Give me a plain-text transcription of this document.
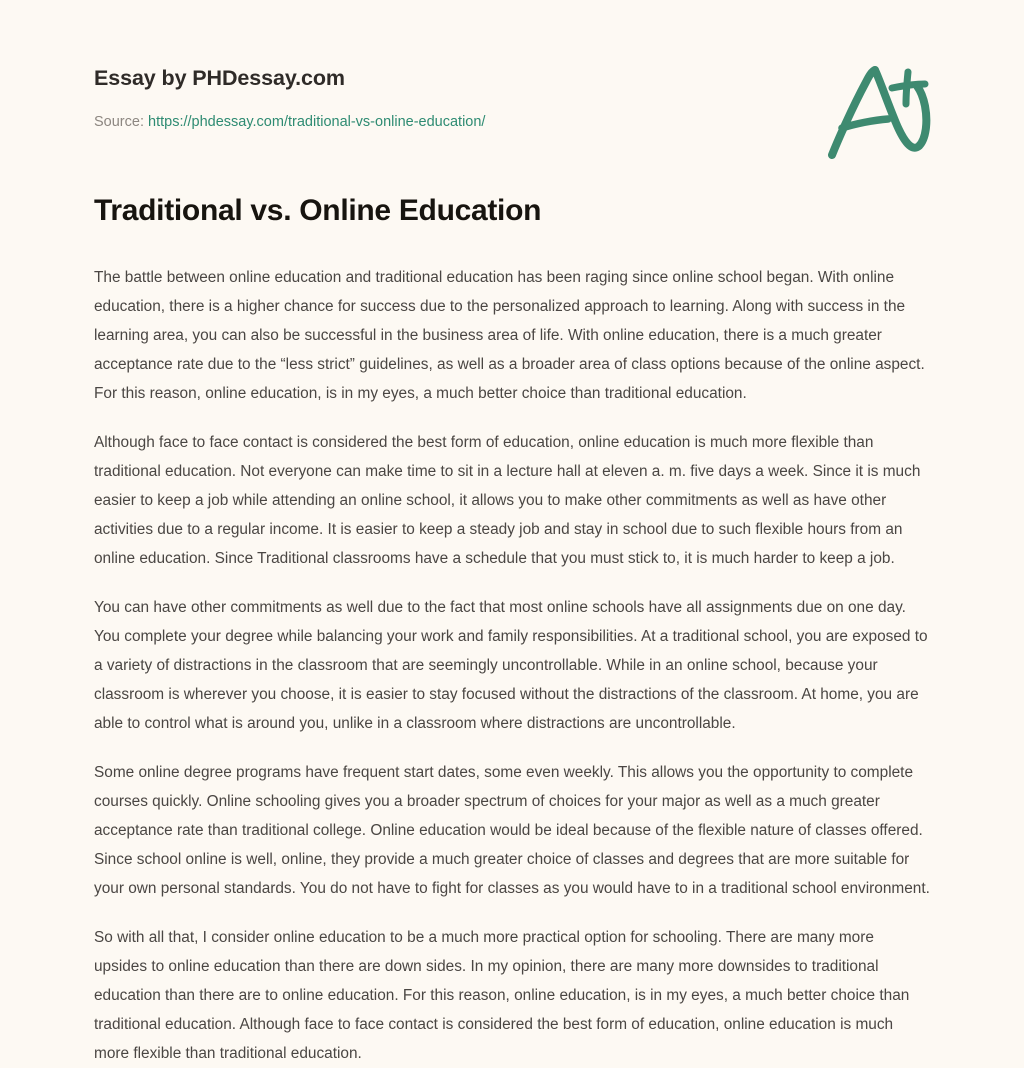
Essay by PHDessay.com
Source: https://phdessay.com/traditional-vs-online-education/
Traditional vs. Online Education

The battle between online education and traditional education has been raging since online school began. With online education, there is a higher chance for success due to the personalized approach to learning. Along with success in the learning area, you can also be successful in the business area of life. With online education, there is a much greater acceptance rate due to the “less strict” guidelines, as well as a broader area of class options because of the online aspect. For this reason, online education, is in my eyes, a much better choice than traditional education.

Although face to face contact is considered the best form of education, online education is much more flexible than traditional education. Not everyone can make time to sit in a lecture hall at eleven a. m. five days a week. Since it is much easier to keep a job while attending an online school, it allows you to make other commitments as well as have other activities due to a regular income. It is easier to keep a steady job and stay in school due to such flexible hours from an online education. Since Traditional classrooms have a schedule that you must stick to, it is much harder to keep a job.

You can have other commitments as well due to the fact that most online schools have all assignments due on one day. You complete your degree while balancing your work and family responsibilities. At a traditional school, you are exposed to a variety of distractions in the classroom that are seemingly uncontrollable. While in an online school, because your classroom is wherever you choose, it is easier to stay focused without the distractions of the classroom. At home, you are able to control what is around you, unlike in a classroom where distractions are uncontrollable.

Some online degree programs have frequent start dates, some even weekly. This allows you the opportunity to complete courses quickly. Online schooling gives you a broader spectrum of choices for your major as well as a much greater acceptance rate than traditional college. Online education would be ideal because of the flexible nature of classes offered. Since school online is well, online, they provide a much greater choice of classes and degrees that are more suitable for your own personal standards. You do not have to fight for classes as you would have to in a traditional school environment.

So with all that, I consider online education to be a much more practical option for schooling. There are many more upsides to online education than there are down sides. In my opinion, there are many more downsides to traditional education than there are to online education. For this reason, online education, is in my eyes, a much better choice than traditional education. Although face to face contact is considered the best form of education, online education is much more flexible than traditional education.
